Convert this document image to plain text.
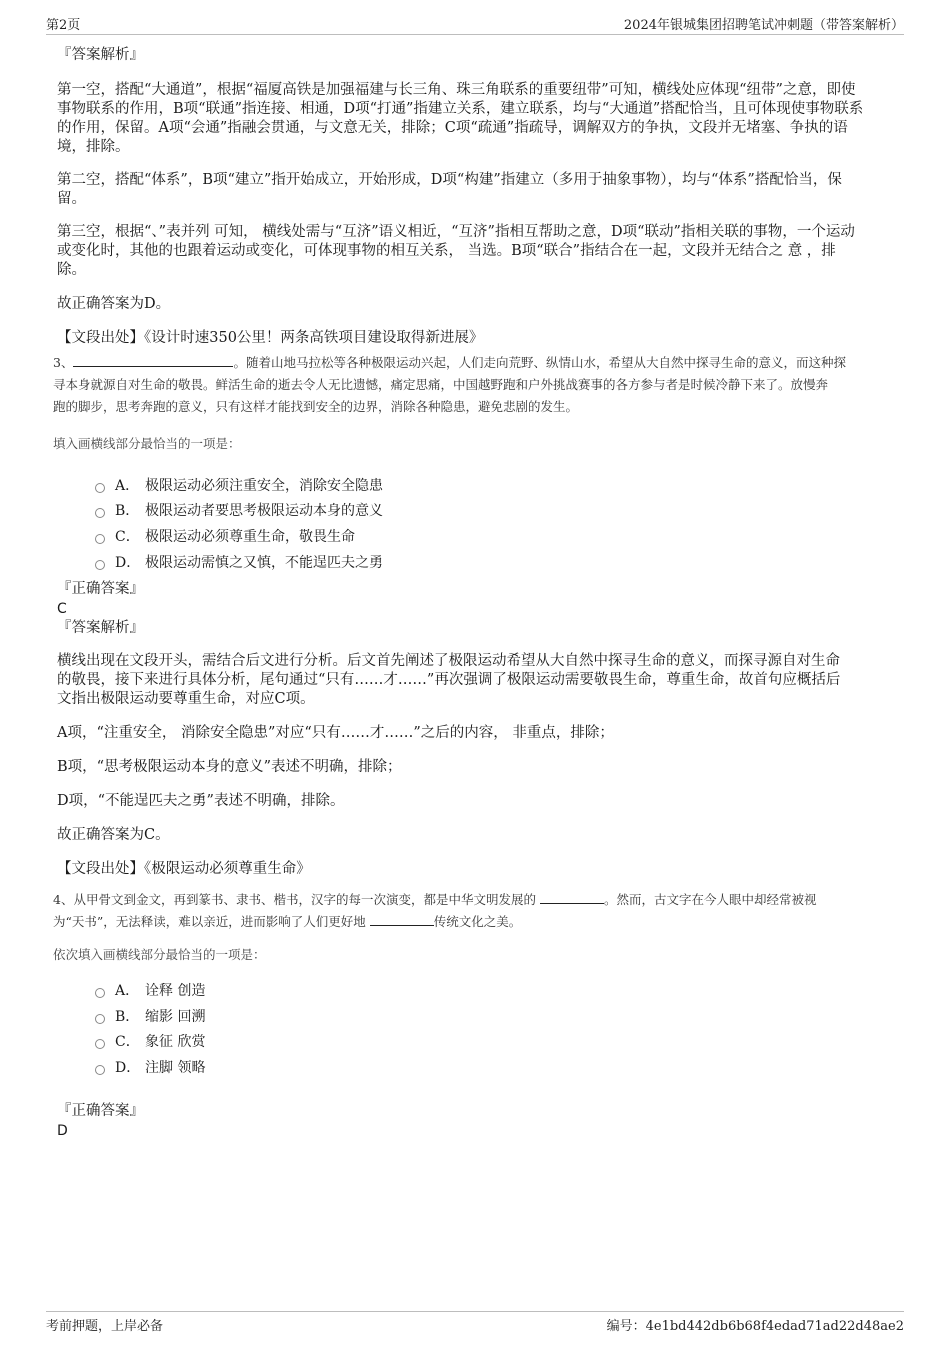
第2页	2024年银城集团招聘笔试冲刺题（带答案解析）

『答案解析』

第一空，搭配“大通道”，根据“福厦高铁是加强福建与长三角、珠三角联系的重要纽带”可知，横线处应体现“纽带”之意，即使

事物联系的作用，B项“联通”指连接、相通，D项“打通”指建立关系，建立联系，均与“大通道”搭配恰当，且可体现使事物联系

的作用，保留。A项“会通”指融会贯通，与文意无关，排除；C项“疏通”指疏导，调解双方的争执，文段并无堵塞、争执的语

境，排除。

第二空，搭配“体系”，B项“建立”指开始成立，开始形成，D项“构建”指建立（多用于抽象事物），均与“体系”搭配恰当，保

留。

第三空，根据“、”表并列 可知， 横线处需与“互济”语义相近，“互济”指相互帮助之意，D项“联动”指相关联的事物，一个运动

或变化时，其他的也跟着运动或变化，可体现事物的相互关系， 当选。B项“联合”指结合在一起，文段并无结合之 意 ，排

除。

故正确答案为D。

【文段出处】《设计时速350公里！两条高铁项目建设取得新进展》

3、	。随着山地马拉松等各种极限运动兴起，人们走向荒野、纵情山水，希望从大自然中探寻生命的意义，而这种探
寻本身就源自对生命的敬畏。鲜活生命的逝去令人无比遗憾，痛定思痛，中国越野跑和户外挑战赛事的各方参与者是时候冷静下来了。放慢奔
跑的脚步，思考奔跑的意义，只有这样才能找到安全的边界，消除各种隐患，避免悲剧的发生。

填入画横线部分最恰当的一项是：

A． 极限运动必须注重安全，消除安全隐患
B． 极限运动者要思考极限运动本身的意义
C． 极限运动必须尊重生命，敬畏生命
D． 极限运动需慎之又慎，不能逞匹夫之勇

『正确答案』

C

『答案解析』

横线出现在文段开头，需结合后文进行分析。后文首先阐述了极限运动希望从大自然中探寻生命的意义，而探寻源自对生命

的敬畏，接下来进行具体分析，尾句通过“只有……才……”再次强调了极限运动需要敬畏生命，尊重生命，故首句应概括后

文指出极限运动要尊重生命，对应C项。

A项，“注重安全， 消除安全隐患”对应“只有……才……”之后的内容， 非重点，排除；

B项，“思考极限运动本身的意义”表述不明确，排除；

D项，“不能逞匹夫之勇”表述不明确，排除。

故正确答案为C。

【文段出处】《极限运动必须尊重生命》

4、从甲骨文到金文，再到篆书、隶书、楷书，汉字的每一次演变，都是中华文明发展的	。然而，古文字在今人眼中却经常被视
为“天书”，无法释读，难以亲近，进而影响了人们更好地	传统文化之美。

依次填入画横线部分最恰当的一项是：

A． 诠释 创造
B． 缩影 回溯
C． 象征 欣赏
D． 注脚 领略

『正确答案』

D

考前押题，上岸必备	编号：4e1bd442db6b68f4edad71ad22d48ae2
